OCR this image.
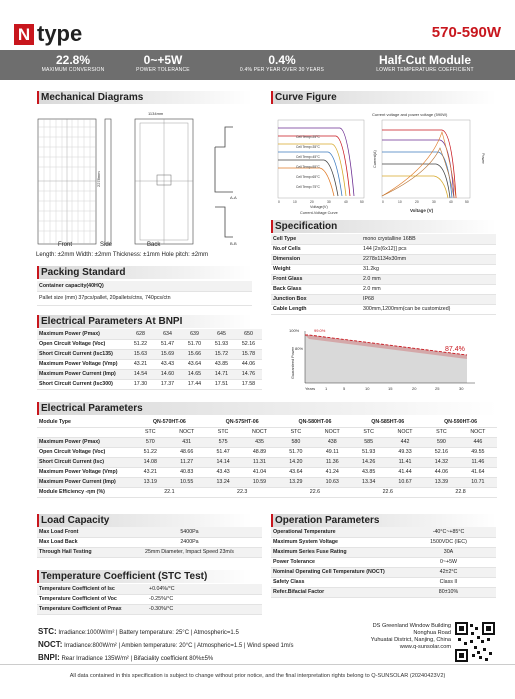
N type	570-590W
22.8%
MAXIMUM CONVERSION
0~+5W
POWER TOLERANCE
0.4%
0.4% PER YEAR OVER 30 YEARS
Half-Cut Module
LOWER TEMPERATURE COEFFICIENT
Mechanical Diagrams
1134mm
2278mm
A-A
B-B
Front	Side	Back
Length: ±2mm Width: ±2mm Thickness: ±1mm Hole pitch: ±2mm
Curve Figure
Cell Temp=25°C
Cell Temp=35°C
Cell Temp=45°C
Cell Temp=55°C
Cell Temp=65°C
Cell Temp=75°C
0	10	20	30	40	50
Voltage(V)
Current-Voltage Curve
Current voltage and power voltage (590W)
0	10	20	30	40	50
Voltage (V)
Current(A)	Power
Specification
Cell Type	mono crystalline 16BB
No.of Cells	144 [2x(6x12)] pcs
Dimension	2278x1134x30mm
Weight	31.2kg
Front Glass	2.0 mm
Back Glass	2.0 mm
Junction Box	IP68
Cable Length	300mm,1200mm(can be customized)
Packing Standard
Container capacity(40HQ)
Pallet size (mm) 37pcs/pallet, 20pallets/ctns, 740pcs/ctn
Electrical Parameters At BNPI
Maximum Power (Pmax)	628	634	639	645	650
Open Circuit Voltage (Voc)	51.22	51.47	51.70	51.93	52.16
Short Circuit Current (Isc135)	15.63	15.69	15.66	15.72	15.78
Maximum Power Voltage (Vmp)	43.21	43.43	43.64	43.85	44.06
Maximum Power Current (Imp)	14.54	14.60	14.65	14.71	14.76
Short Circuit Current (Isc300)	17.30	17.37	17.44	17.51	17.58
100%
80%
99.0%
87.4%
Guaranteed Power
Years 1	5	10	15	20	25	30
Electrical Parameters
Module Type	QN-570HT-06		QN-575HT-06		QN-580HT-06		QN-585HT-06		QN-590HT-06	
	STC	NOCT	STC	NOCT	STC	NOCT	STC	NOCT	STC	NOCT
Maximum Power (Pmax)	570	431	575	435	580	438	585	442	590	446
Open Circuit Voltage (Voc)	51.22	48.66	51.47	48.89	51.70	49.11	51.93	49.33	52.16	49.55
Short Circuit Current (Isc)	14.08	11.27	14.14	11.31	14.20	11.36	14.26	11.41	14.32	11.46
Maximum Power Voltage (Vmp)	43.21	40.83	43.43	41.04	43.64	41.24	43.85	41.44	44.06	41.64
Maximum Power Current (Imp)	13.19	10.55	13.24	10.59	13.29	10.63	13.34	10.67	13.39	10.71
Module Efficiency -ηm (%)	22.1		22.3		22.6		22.6		22.8	
Load Capacity
Max Load Front	5400Pa
Max Load Back	2400Pa
Through Hail Testing	25mm Diameter, Impact Speed 23m/s
Operation Parameters
Operational Temperature	-40°C~+85°C
Maximum System Voltage	1500VDC (IEC)
Maximum Series Fuse Rating	30A
Power Tolerance	0~+5W
Nominal Operating Cell Temperature (NOCT)	42±2°C
Safety Class	Class II
Refer.Bifacial Factor	80±10%
Temperature Coefficient (STC Test)
Temperature Coefficient of Isc	+0.04%/°C
Temperature Coefficient of Voc	-0.25%/°C
Temperature Coefficient of Pmax	-0.30%/°C
STC: Irradiance:1000W/m² | Battery temperature: 25°C | Atmospheric=1.5
NOCT: Irradiance:800W/m² | Ambien temperature: 20°C | Atmospheric=1.5 | Wind speed 1m/s
BNPI: Rear Irradiance 135W/m² | Bifaciality coefficient 80%±5%
DS Greenland Window Building
Nonghua Road
Yuhuatai District, Nanjing, China
www.q-sunsolar.com
All data contained in this specification is subject to change without prior notice, and the final interpretation rights belong to Q-SUNSOLAR (20240423V2)
